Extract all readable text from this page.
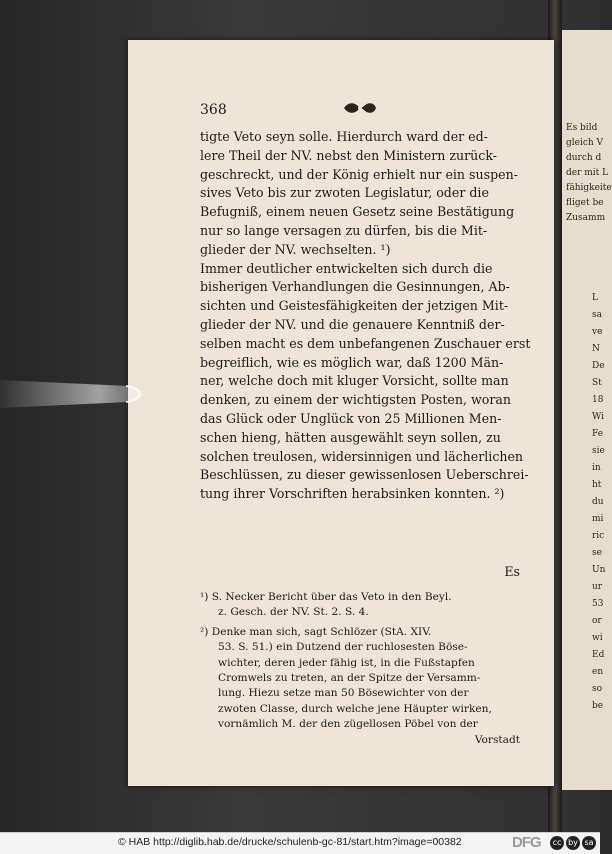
Es bild
gleich V
durch d
der mit L
fähigkeite
fliget be
Zusamm
L
sa
ve
N
De
St
18
Wi
Fe
sie
in
ht
du
mi
ric
se
Un
ur
53
or
wi
Ed
en
so
be
368
tigte Veto seyn solle. Hierdurch ward der ed-
lere Theil der NV. nebst den Ministern zurück-
geschreckt, und der König erhielt nur ein suspen-
sives Veto bis zur zwoten Legislatur, oder die
Befugniß, einem neuen Gesetz seine Bestätigung
nur so lange versagen zu dürfen, bis die Mit-
glieder der NV. wechselten. ¹)
Immer deutlicher entwickelten sich durch die
bisherigen Verhandlungen die Gesinnungen, Ab-
sichten und Geistesfähigkeiten der jetzigen Mit-
glieder der NV. und die genauere Kenntniß der-
selben macht es dem unbefangenen Zuschauer erst
begreiflich, wie es möglich war, daß 1200 Män-
ner, welche doch mit kluger Vorsicht, sollte man
denken, zu einem der wichtigsten Posten, woran
das Glück oder Unglück von 25 Millionen Men-
schen hieng, hätten ausgewählt seyn sollen, zu
solchen treulosen, widersinnigen und lächerlichen
Beschlüssen, zu dieser gewissenlosen Ueberschrei-
tung ihrer Vorschriften herabsinken konnten. ²)
Es
¹) S. Necker Bericht über das Veto in den Beyl.
z. Gesch. der NV. St. 2. S. 4.
²) Denke man sich, sagt Schlözer (StA. XIV.
53. S. 51.) ein Dutzend der ruchlosesten Böse-
wichter, deren jeder fähig ist, in die Fußstapfen
Cromwels zu treten, an der Spitze der Versamm-
lung. Hiezu setze man 50 Bösewichter von der
zwoten Classe, durch welche jene Häupter wirken,
vornämlich M. der den zügellosen Pöbel von der
Vorstadt
© HAB http://diglib.hab.de/drucke/schulenb-gc-81/start.htm?image=00382	DFG	cc by sa
